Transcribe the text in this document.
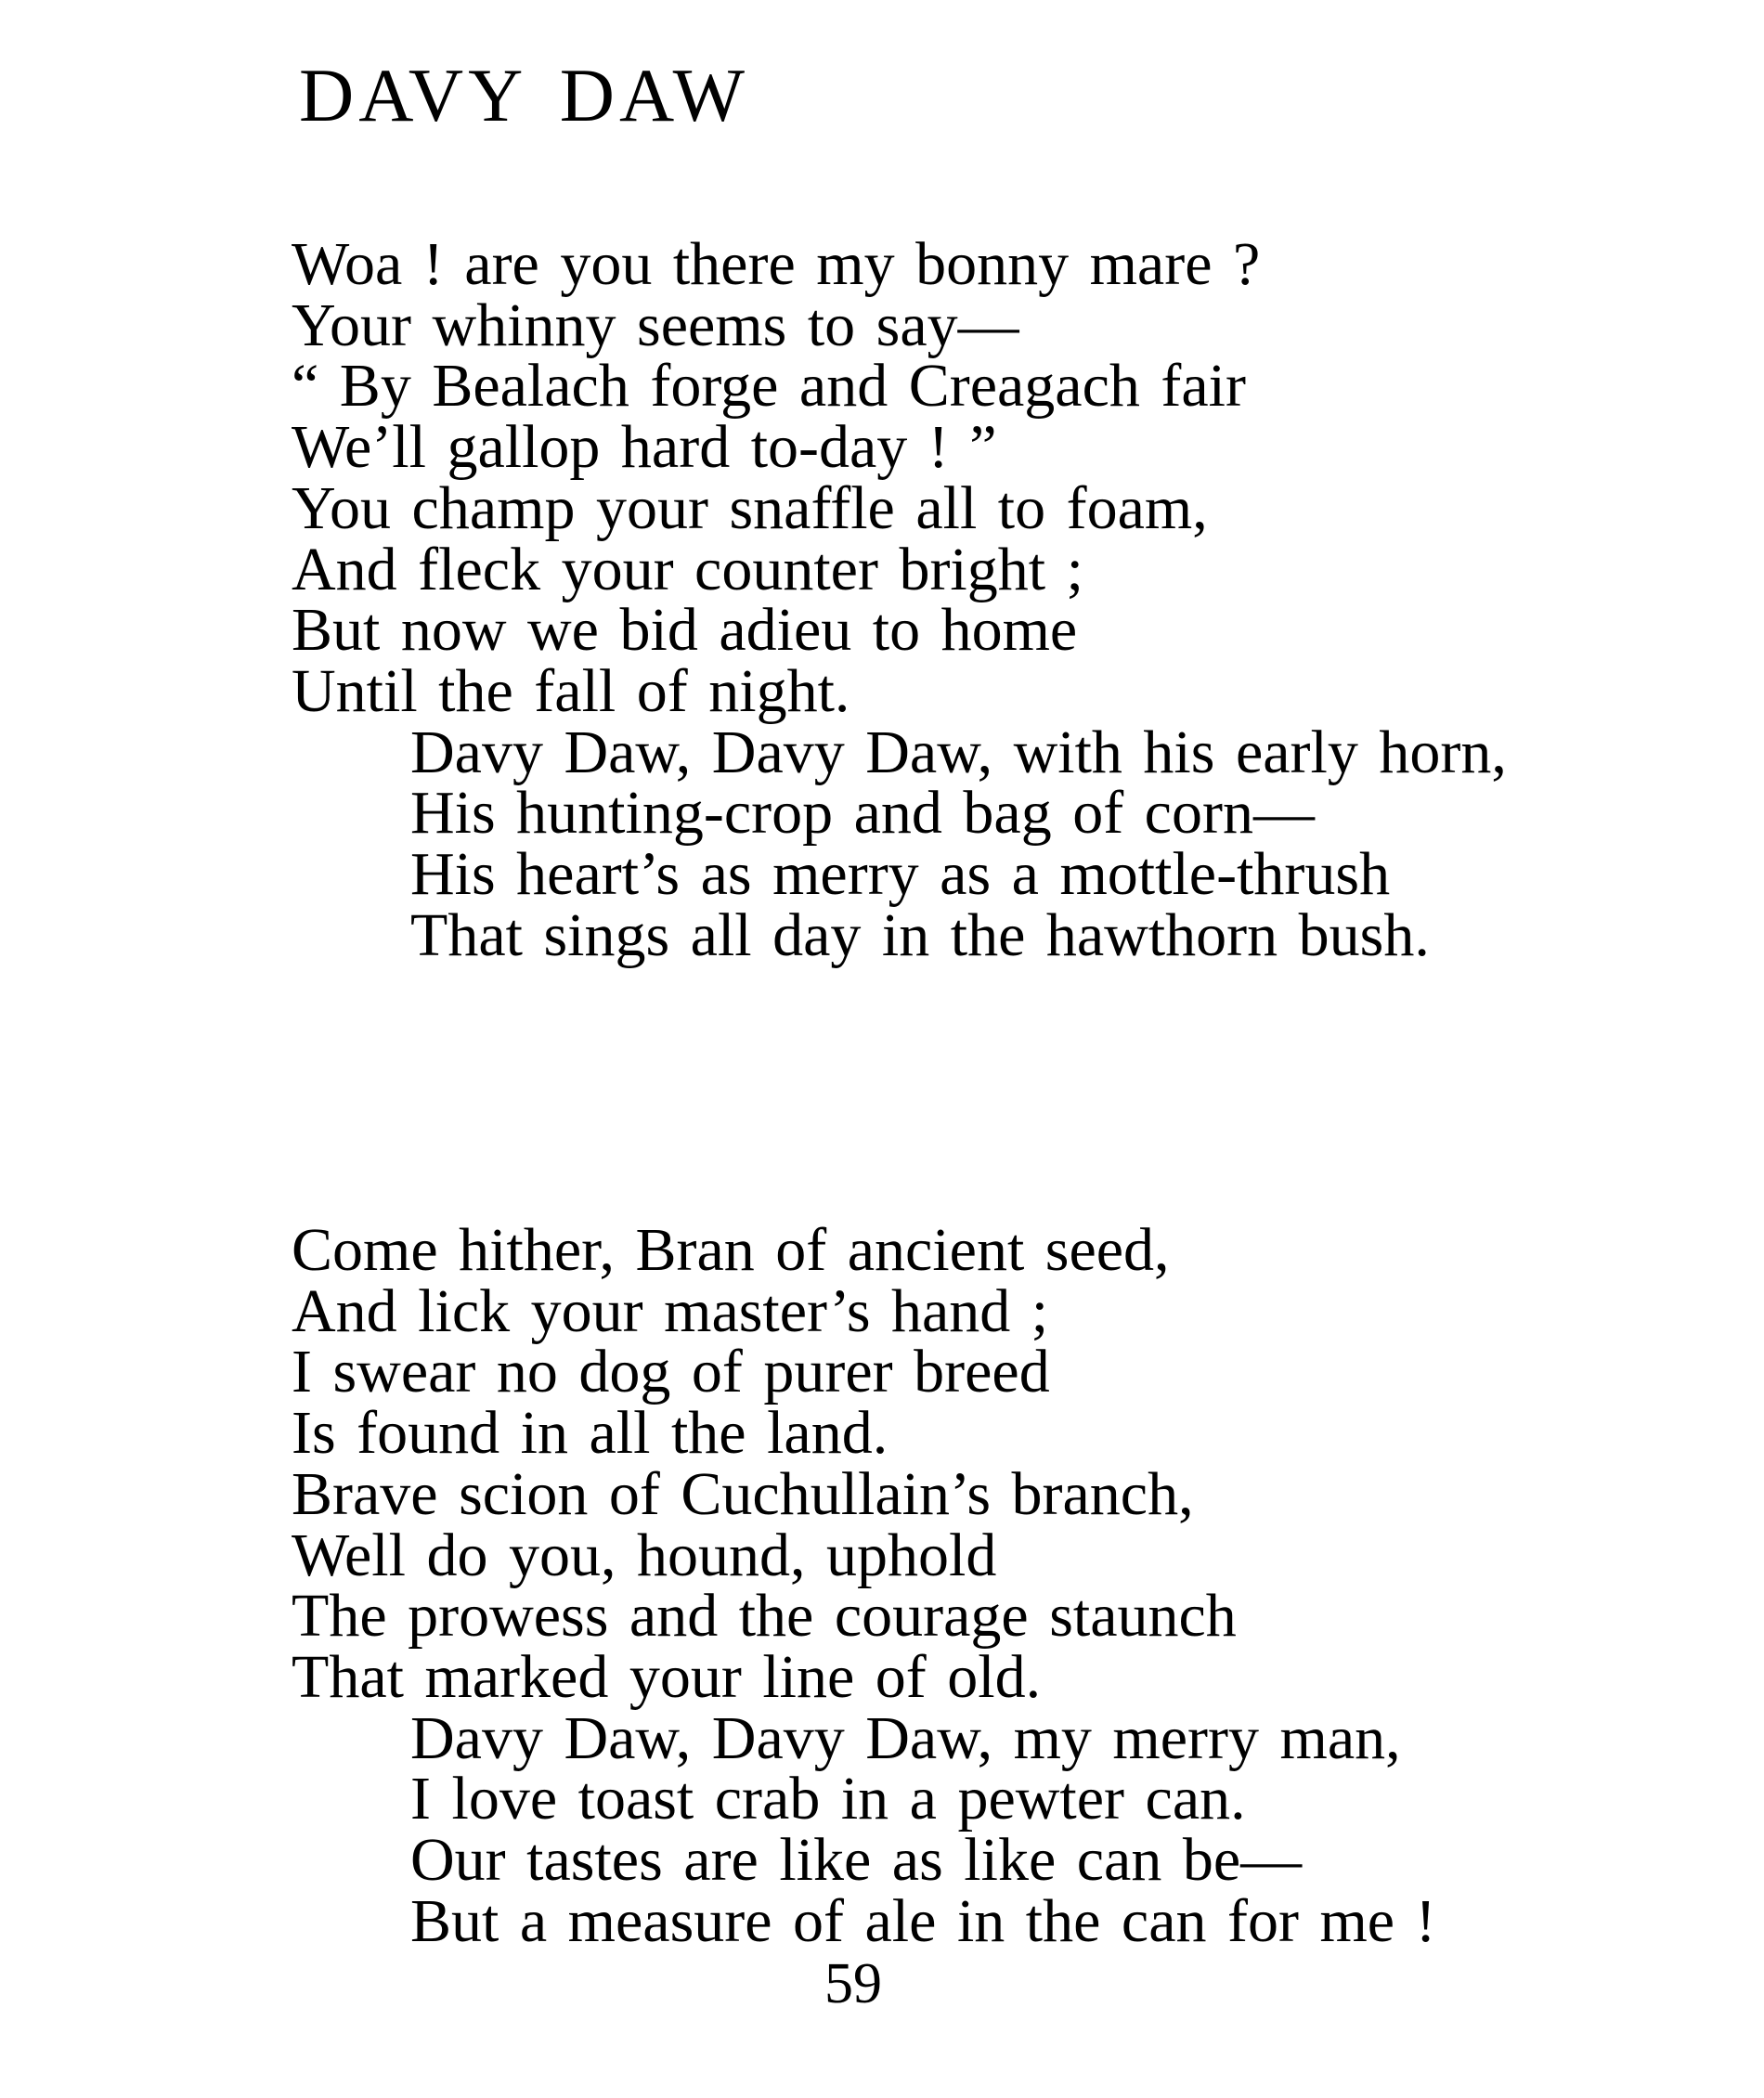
DAVY DAW
Woa ! are you there my bonny mare ?
Your whinny seems to say—
“ By Bealach forge and Creagach fair
We’ll gallop hard to-day ! ”
You champ your snaffle all to foam,
And fleck your counter bright ;
But now we bid adieu to home
Until the fall of night.
Davy Daw, Davy Daw, with his early horn,
His hunting-crop and bag of corn—
His heart’s as merry as a mottle-thrush
That sings all day in the hawthorn bush.
Come hither, Bran of ancient seed,
And lick your master’s hand ;
I swear no dog of purer breed
Is found in all the land.
Brave scion of Cuchullain’s branch,
Well do you, hound, uphold
The prowess and the courage staunch
That marked your line of old.
Davy Daw, Davy Daw, my merry man,
I love toast crab in a pewter can.
Our tastes are like as like can be—
But a measure of ale in the can for me !
59
